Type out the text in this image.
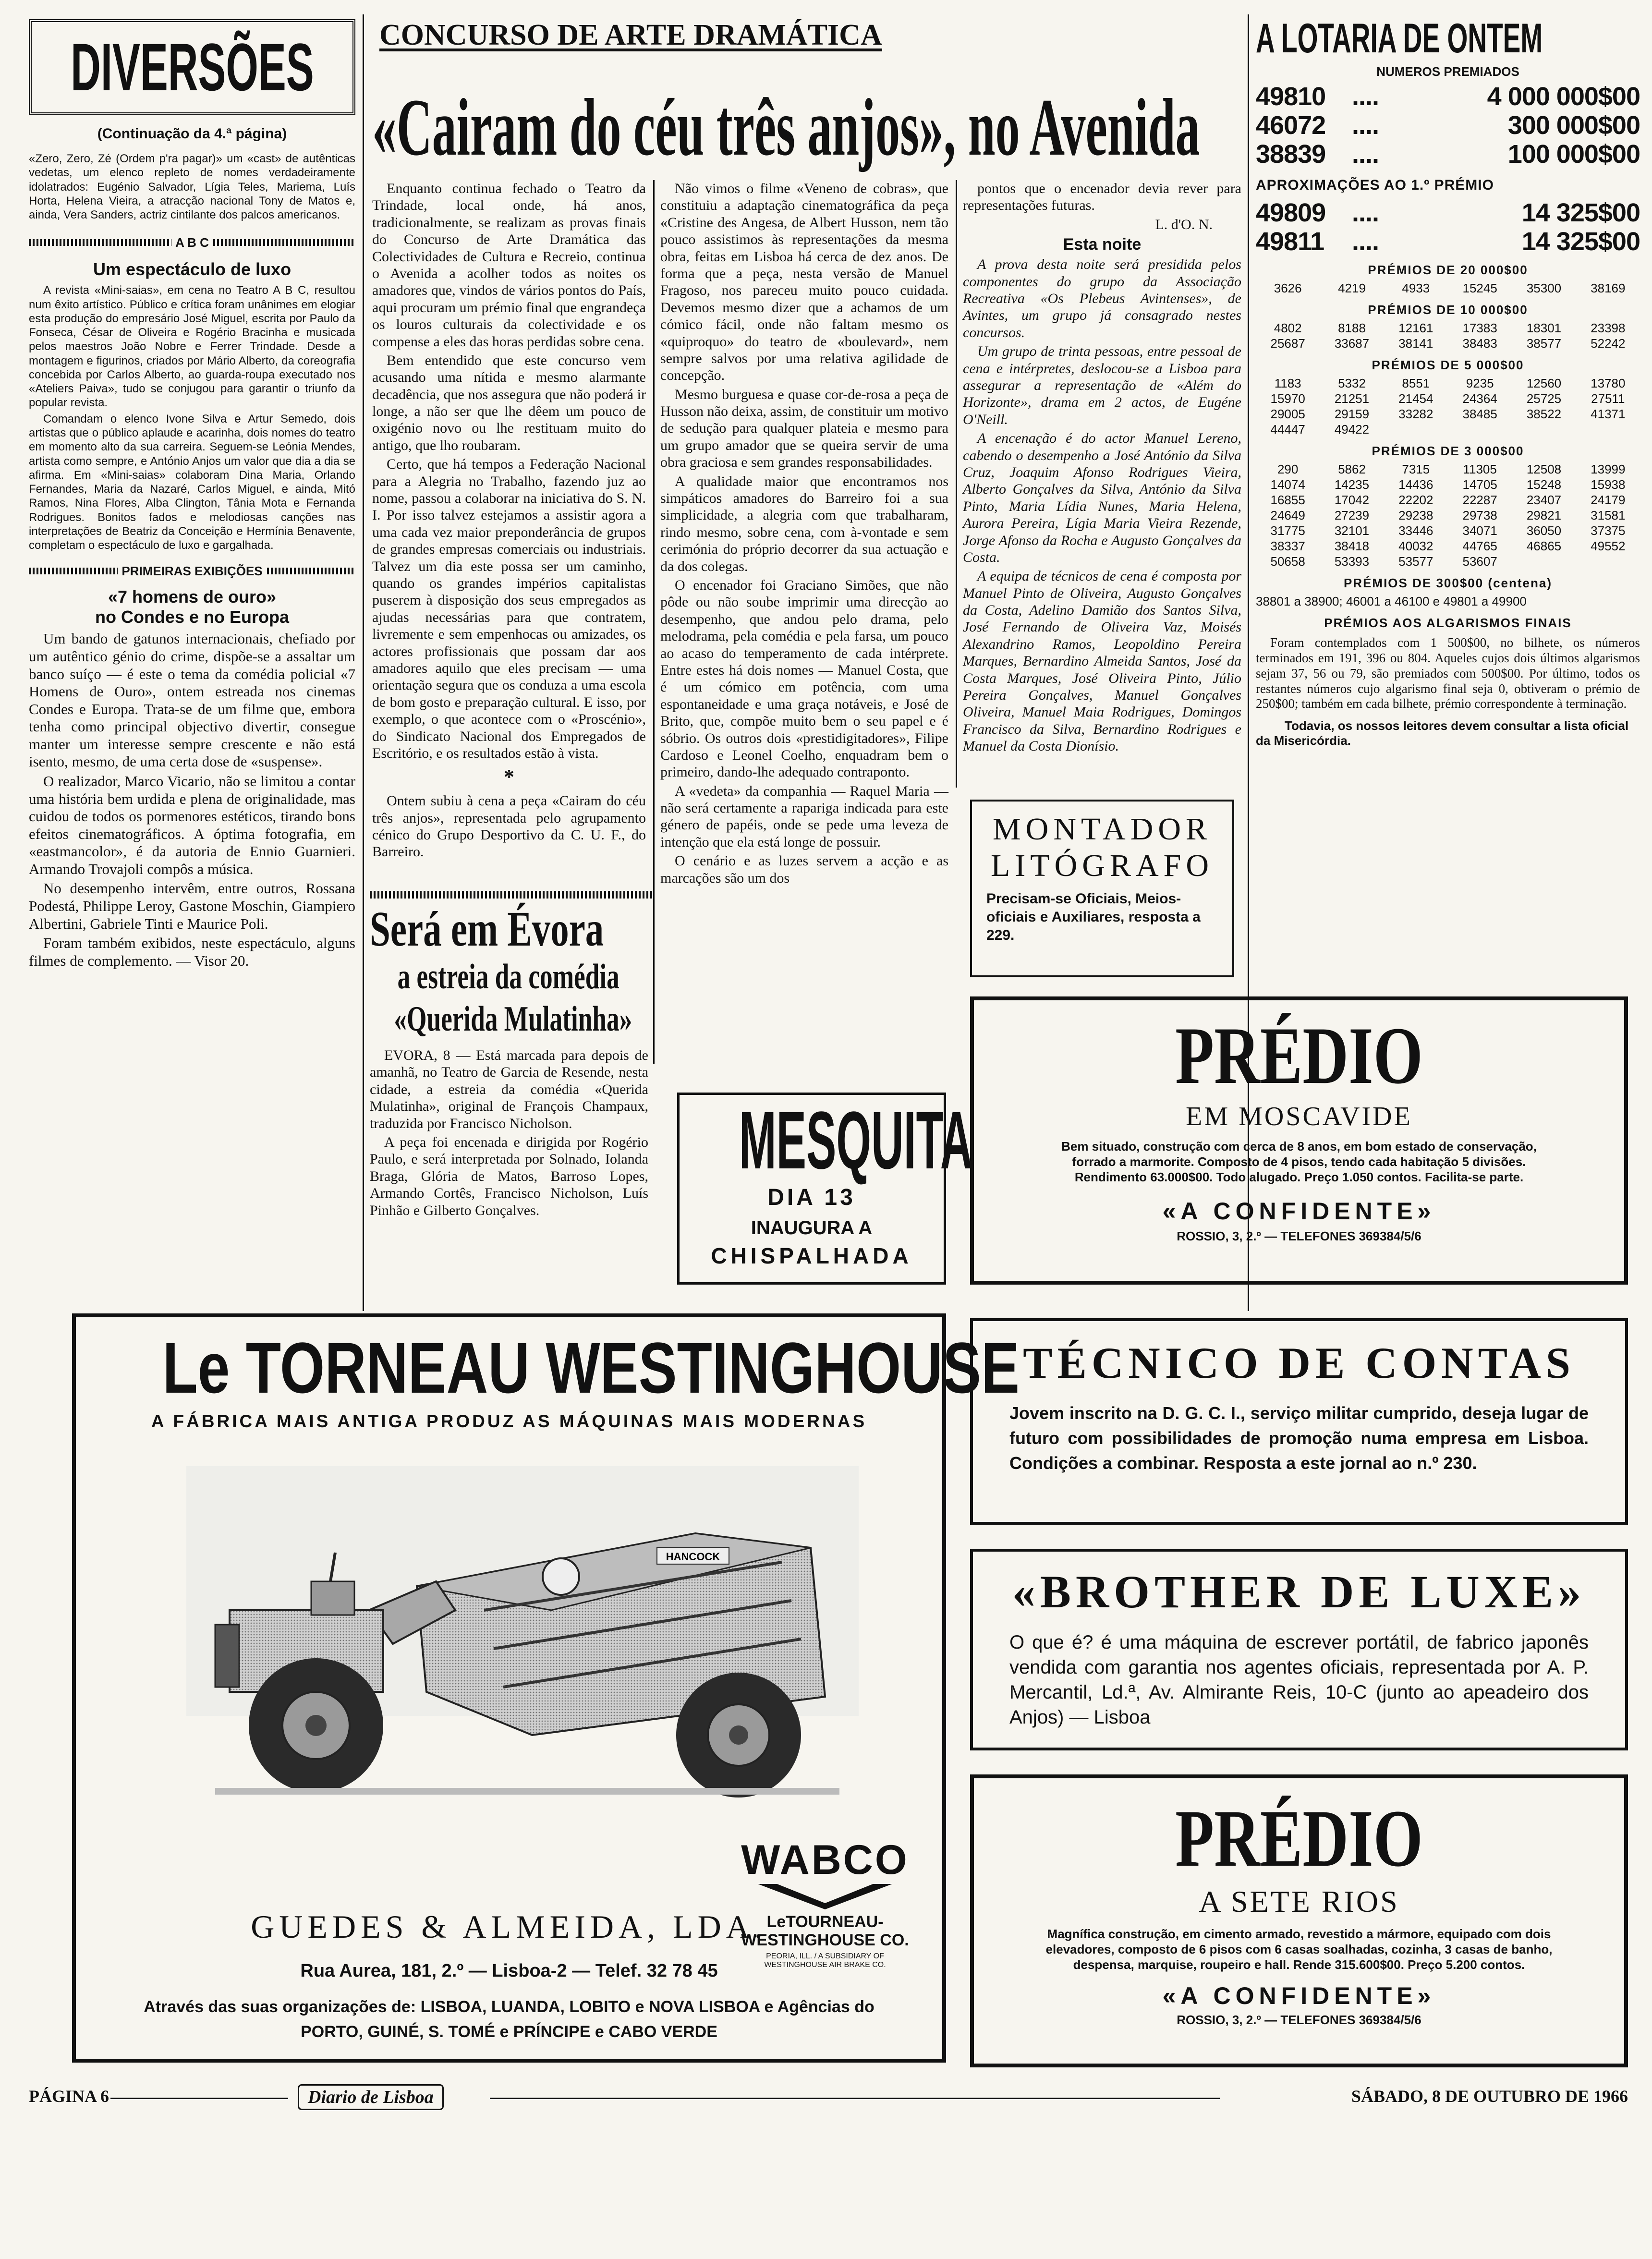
DIVERSÕES
(Continuação da 4.ª página)
«Zero, Zero, Zé (Ordem p'ra pagar)» um «cast» de autênticas vedetas, um elenco repleto de nomes verdadeiramente idolatrados: Eugénio Salvador, Lígia Teles, Mariema, Luís Horta, Helena Vieira, a atracção nacional Tony de Matos e, ainda, Vera Sanders, actriz cintilante dos palcos americanos.
A B C
Um espectáculo de luxo

A revista «Mini-saias», em cena no Teatro A B C, resultou num êxito artístico. Público e crítica foram unânimes em elogiar esta produção do empresário José Miguel, escrita por Paulo da Fonseca, César de Oliveira e Rogério Bracinha e musicada pelos maestros João Nobre e Ferrer Trindade. Desde a montagem e figurinos, criados por Mário Alberto, da coreografia concebida por Carlos Alberto, ao guarda-roupa executado nos «Ateliers Paiva», tudo se conjugou para garantir o triunfo da popular revista.

Comandam o elenco Ivone Silva e Artur Semedo, dois artistas que o público aplaude e acarinha, dois nomes do teatro em momento alto da sua carreira. Seguem-se Leónia Mendes, artista como sempre, e António Anjos um valor que dia a dia se afirma. Em «Mini-saias» colaboram Dina Maria, Orlando Fernandes, Maria da Nazaré, Carlos Miguel, e ainda, Mitó Ramos, Nina Flores, Alba Clington, Tânia Mota e Fernanda Rodrigues. Bonitos fados e melodiosas canções nas interpretações de Beatriz da Conceição e Hermínia Benavente, completam o espectáculo de luxo e gargalhada.

PRIMEIRAS EXIBIÇÕES
«7 homens de ouro»
no Condes e no Europa

Um bando de gatunos internacionais, chefiado por um autêntico génio do crime, dispõe-se a assaltar um banco suíço — é este o tema da comédia policial «7 Homens de Ouro», ontem estreada nos cinemas Condes e Europa. Trata-se de um filme que, embora tenha como principal objectivo divertir, consegue manter um interesse sempre crescente e não está isento, mesmo, de uma certa dose de «suspense».

O realizador, Marco Vicario, não se limitou a contar uma história bem urdida e plena de originalidade, mas cuidou de todos os pormenores estéticos, tirando bons efeitos cinematográficos. A óptima fotografia, em «eastmancolor», é da autoria de Ennio Guarnieri. Armando Trovajoli compôs a música.

No desempenho intervêm, entre outros, Rossana Podestá, Philippe Leroy, Gastone Moschin, Giampiero Albertini, Gabriele Tinti e Maurice Poli.

Foram também exibidos, neste espectáculo, alguns filmes de complemento. — Visor 20.

CONCURSO DE ARTE DRAMÁTICA
«Cairam do céu três anjos», no Avenida

Enquanto continua fechado o Teatro da Trindade, local onde, há anos, tradicionalmente, se realizam as provas finais do Concurso de Arte Dramática das Colectividades de Cultura e Recreio, continua o Avenida a acolher todos as noites os amadores que, vindos de vários pontos do País, aqui procuram um prémio final que engrandeça os louros culturais da colectividade e os compense a eles das horas perdidas sobre cena.

Bem entendido que este concurso vem acusando uma nítida e mesmo alarmante decadência, que nos assegura que não poderá ir longe, a não ser que lhe dêem um pouco de oxigénio novo ou lhe restituam muito do antigo, que lho roubaram.

Certo, que há tempos a Federação Nacional para a Alegria no Trabalho, fazendo juz ao nome, passou a colaborar na iniciativa do S. N. I. Por isso talvez estejamos a assistir agora a uma cada vez maior preponderância de grupos de grandes empresas comerciais ou industriais. Talvez um dia este possa ser um caminho, quando os grandes impérios capitalistas puserem à disposição dos seus empregados as ajudas necessárias para que contratem, livremente e sem empenhocas ou amizades, os actores profissionais que possam dar aos amadores aquilo que eles precisam — uma orientação segura que os conduza a uma escola de bom gosto e preparação cultural. E isso, por exemplo, o que acontece com o «Proscénio», do Sindicato Nacional dos Empregados de Escritório, e os resultados estão à vista.

*

Ontem subiu à cena a peça «Cairam do céu três anjos», representada pelo agrupamento cénico do Grupo Desportivo da C. U. F., do Barreiro.

Não vimos o filme «Veneno de cobras», que constituiu a adaptação cinematográfica da peça «Cristine des Angesa, de Albert Husson, nem tão pouco assistimos às representações da mesma obra, feitas em Lisboa há cerca de dez anos. De forma que a peça, nesta versão de Manuel Fragoso, nos pareceu muito pouco cuidada. Devemos mesmo dizer que a achamos de um cómico fácil, onde não faltam mesmo os «quiproquo» do teatro de «boulevard», nem sempre salvos por uma relativa agilidade de concepção.

Mesmo burguesa e quase cor-de-rosa a peça de Husson não deixa, assim, de constituir um motivo de sedução para qualquer plateia e mesmo para um grupo amador que se queira servir de uma obra graciosa e sem grandes responsabilidades.

A qualidade maior que encontramos nos simpáticos amadores do Barreiro foi a sua simplicidade, a alegria com que trabalharam, rindo mesmo, sobre cena, com à-vontade e sem cerimónia do próprio decorrer da sua actuação e da dos colegas.

O encenador foi Graciano Simões, que não pôde ou não soube imprimir uma direcção ao desempenho, que andou pelo drama, pelo melodrama, pela comédia e pela farsa, um pouco ao acaso do temperamento de cada intérprete. Entre estes há dois nomes — Manuel Costa, que é um cómico em potência, com uma espontaneidade e uma graça notáveis, e José de Brito, que, compõe muito bem o seu papel e é sóbrio. Os outros dois «prestidigitadores», Filipe Cardoso e Leonel Coelho, enquadram bem o primeiro, dando-lhe adequado contraponto.

A «vedeta» da companhia — Raquel Maria — não será certamente a rapariga indicada para este género de papéis, onde se pede uma leveza de intenção que ela está longe de possuir.

O cenário e as luzes servem a acção e as marcações são um dos

pontos que o encenador devia rever para representações futuras.

L. d'O. N.
Esta noite

A prova desta noite será presidida pelos componentes do grupo da Associação Recreativa «Os Plebeus Avintenses», de Avintes, um grupo já consagrado nestes concursos.

Um grupo de trinta pessoas, entre pessoal de cena e intérpretes, deslocou-se a Lisboa para assegurar a representação de «Além do Horizonte», drama em 2 actos, de Eugéne O'Neill.

A encenação é do actor Manuel Lereno, cabendo o desempenho a José António da Silva Cruz, Joaquim Afonso Rodrigues Vieira, Alberto Gonçalves da Silva, António da Silva Pinto, Maria Lídia Nunes, Maria Helena, Aurora Pereira, Lígia Maria Vieira Rezende, Jorge Afonso da Rocha e Augusto Gonçalves da Costa.

A equipa de técnicos de cena é composta por Manuel Pinto de Oliveira, Augusto Gonçalves da Costa, Adelino Damião dos Santos Silva, José Fernando de Oliveira Vaz, Moisés Alexandrino Ramos, Leopoldino Pereira Marques, Bernardino Almeida Santos, José da Costa Marques, José Oliveira Pinto, Júlio Pereira Gonçalves, Manuel Gonçalves Oliveira, Manuel Maia Rodrigues, Domingos Francisco da Silva, Bernardino Rodrigues e Manuel da Costa Dionísio.

Será em Évora
a estreia da comédia
«Querida Mulatinha»

EVORA, 8 — Está marcada para depois de amanhã, no Teatro de Garcia de Resende, nesta cidade, a estreia da comédia «Querida Mulatinha», original de François Champaux, traduzida por Francisco Nicholson.

A peça foi encenada e dirigida por Rogério Paulo, e será interpretada por Solnado, Iolanda Braga, Glória de Matos, Barroso Lopes, Armando Cortês, Francisco Nicholson, Luís Pinhão e Gilberto Gonçalves.

MESQUITA
DIA 13
INAUGURA A
CHISPALHADA
MONTADOR
LITÓGRAFO
Precisam-se Oficiais, Meios-oficiais e Auxiliares, resposta a 229.
A LOTARIA DE ONTEM
NUMEROS PREMIADOS
49810	....	4 000 000$00
46072	....	300 000$00
38839	....	100 000$00
APROXIMAÇÕES AO 1.º PRÉMIO
49809	....	14 325$00
49811	....	14 325$00
PRÉMIOS DE 20 000$00
3626	4219	4933	15245	35300	38169
PRÉMIOS DE 10 000$00
4802	8188	12161	17383	18301	23398
25687	33687	38141	38483	38577	52242
PRÉMIOS DE 5 000$00
1183	5332	8551	9235	12560	13780
15970	21251	21454	24364	25725	27511
29005	29159	33282	38485	38522	41371
44447	49422
PRÉMIOS DE 3 000$00
290	5862	7315	11305	12508	13999
14074	14235	14436	14705	15248	15938
16855	17042	22202	22287	23407	24179
24649	27239	29238	29738	29821	31581
31775	32101	33446	34071	36050	37375
38337	38418	40032	44765	46865	49552
50658	53393	53577	53607
PRÉMIOS DE 300$00 (centena)
38801 a 38900; 46001 a 46100 e 49801 a 49900
PRÉMIOS AOS ALGARISMOS FINAIS
Foram contemplados com 1 500$00, no bilhete, os números terminados em 191, 396 ou 804. Aqueles cujos dois últimos algarismos sejam 37, 56 ou 79, são premiados com 500$00. Por último, todos os restantes números cujo algarismo final seja 0, obtiveram o prémio de 250$00; também em cada bilhete, prémio correspondente à terminação.
Todavia, os nossos leitores devem consultar a lista oficial da Misericórdia.
PRÉDIO
EM MOSCAVIDE
Bem situado, construção com cerca de 8 anos, em bom estado de conservação, forrado a marmorite. Composto de 4 pisos, tendo cada habitação 5 divisões. Rendimento 63.000$00. Todo alugado. Preço 1.050 contos. Facilita-se parte.
«A CONFIDENTE»
ROSSIO, 3, 2.º — TELEFONES 369384/5/6
TÉCNICO DE CONTAS
Jovem inscrito na D. G. C. I., serviço militar cumprido, deseja lugar de futuro com possibilidades de promoção numa empresa em Lisboa. Condições a combinar. Resposta a este jornal ao n.º 230.
«BROTHER DE LUXE»
O que é? é uma máquina de escrever portátil, de fabrico japonês vendida com garantia nos agentes oficiais, representada por A. P. Mercantil, Ld.ª, Av. Almirante Reis, 10-C (junto ao apeadeiro dos Anjos) — Lisboa
PRÉDIO
A SETE RIOS
Magnífica construção, em cimento armado, revestido a mármore, equipado com dois elevadores, composto de 6 pisos com 6 casas soalhadas, cozinha, 3 casas de banho, despensa, marquise, roupeiro e hall. Rende 315.600$00. Preço 5.200 contos.
«A CONFIDENTE»
ROSSIO, 3, 2.º — TELEFONES 369384/5/6
Le TORNEAU WESTINGHOUSE
A FÁBRICA MAIS ANTIGA PRODUZ AS MÁQUINAS MAIS MODERNAS
HANCOCK
WABCO
LeTOURNEAU-
WESTINGHOUSE CO.
PEORIA, ILL. / A SUBSIDIARY OF
WESTINGHOUSE AIR BRAKE CO.
GUEDES & ALMEIDA, LDA.
Rua Aurea, 181, 2.º — Lisboa-2 — Telef. 32 78 45
Através das suas organizações de: LISBOA, LUANDA, LOBITO e NOVA LISBOA e Agências do PORTO, GUINÉ, S. TOMÉ e PRÍNCIPE e CABO VERDE
PÁGINA 6	Diario de Lisboa	SÁBADO, 8 DE OUTUBRO DE 1966
